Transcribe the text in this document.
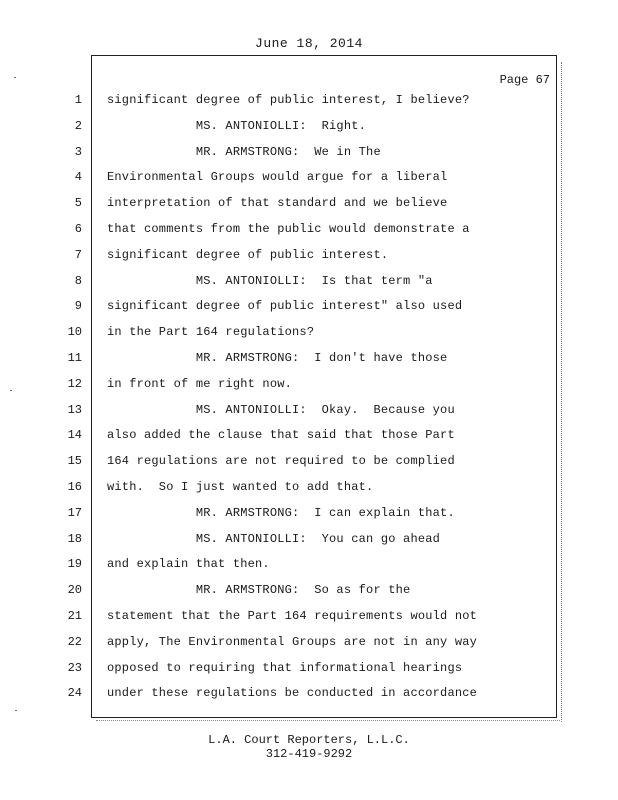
June 18, 2014
Page 67
1 significant degree of public interest, I believe?
2 MS. ANTONIOLLI:  Right.
3 MR. ARMSTRONG:  We in The
4 Environmental Groups would argue for a liberal
5 interpretation of that standard and we believe
6 that comments from the public would demonstrate a
7 significant degree of public interest.
8 MS. ANTONIOLLI:  Is that term "a
9 significant degree of public interest" also used
10 in the Part 164 regulations?
11 MR. ARMSTRONG:  I don't have those
12 in front of me right now.
13 MS. ANTONIOLLI:  Okay.  Because you
14 also added the clause that said that those Part
15 164 regulations are not required to be complied
16 with.  So I just wanted to add that.
17 MR. ARMSTRONG:  I can explain that.
18 MS. ANTONIOLLI:  You can go ahead
19 and explain that then.
20 MR. ARMSTRONG:  So as for the
21 statement that the Part 164 requirements would not
22 apply, The Environmental Groups are not in any way
23 opposed to requiring that informational hearings
24 under these regulations be conducted in accordance
L.A. Court Reporters, L.L.C.
312-419-9292
